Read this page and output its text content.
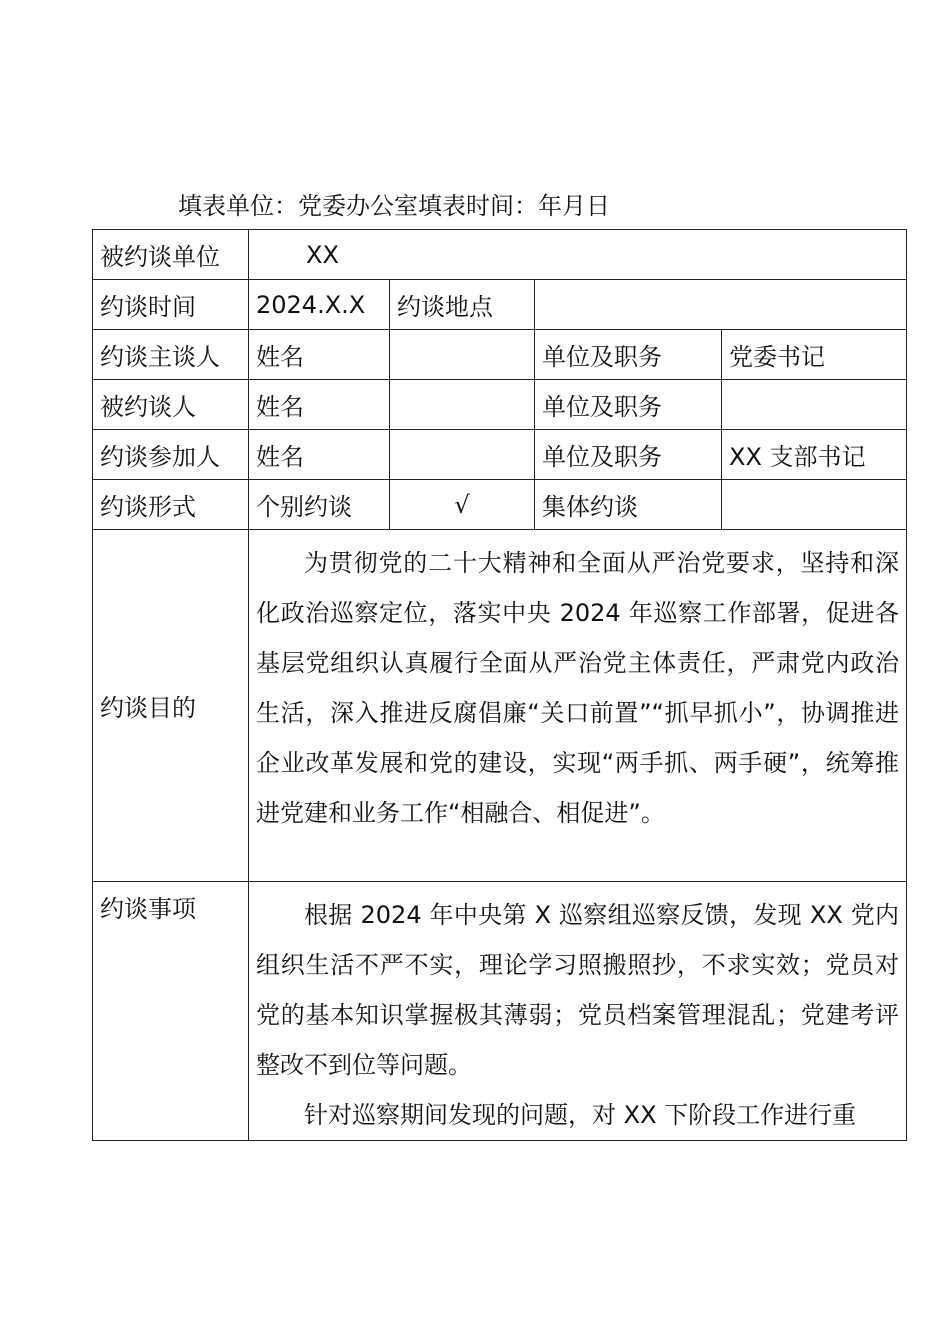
填表单位：党委办公室填表时间：年月日
被约谈单位	XX			
约谈时间	2024.X.X	约谈地点		
约谈主谈人	姓名		单位及职务	党委书记
被约谈人	姓名		单位及职务	
约谈参加人	姓名		单位及职务	XX 支部书记
约谈形式	个别约谈	√	集体约谈	
约谈目的	为贯彻党的二十大精神和全面从严治党要求，坚持和深化政治巡察定位，落实中央 2024 年巡察工作部署，促进各基层党组织认真履行全面从严治党主体责任，严肃党内政治生活，深入推进反腐倡廉“关口前置”“抓早抓小”，协调推进企业改革发展和党的建设，实现“两手抓、两手硬”，统筹推进党建和业务工作“相融合、相促进”。			

约谈事项	根据 2024 年中央第 X 巡察组巡察反馈，发现 XX 党内组织生活不严不实，理论学习照搬照抄，不求实效；党员对党的基本知识掌握极其薄弱；党员档案管理混乱；党建考评整改不到位等问题。

针对巡察期间发现的问题，对 XX 下阶段工作进行重			
